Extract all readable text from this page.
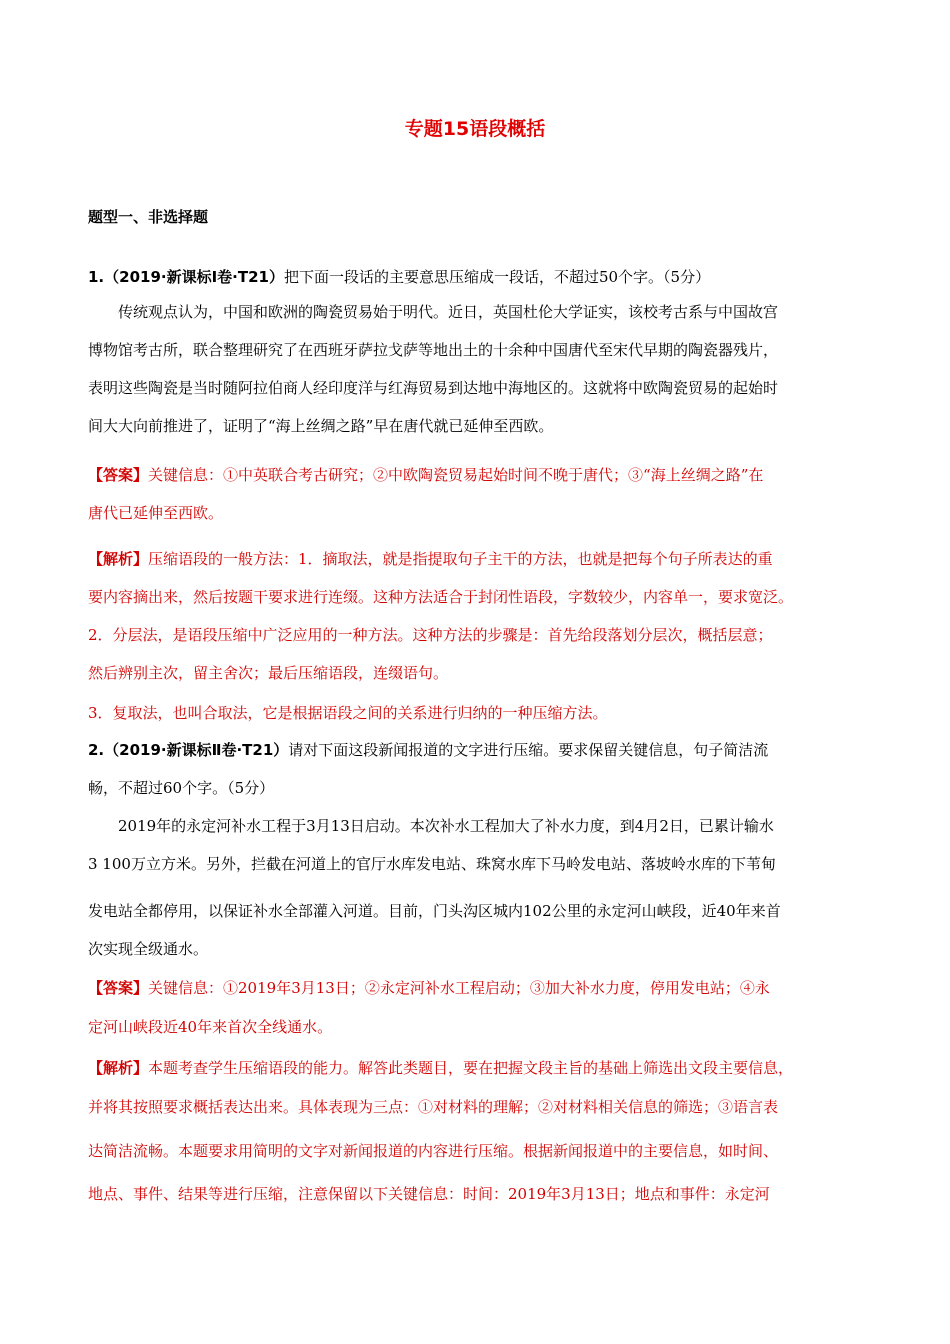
专题15语段概括
题型一、非选择题
1.（2019·新课标Ⅰ卷·T21）把下面一段话的主要意思压缩成一段话，不超过50个字。（5分）
传统观点认为，中国和欧洲的陶瓷贸易始于明代。近日，英国杜伦大学证实，该校考古系与中国故宫
博物馆考古所，联合整理研究了在西班牙萨拉戈萨等地出土的十余种中国唐代至宋代早期的陶瓷器残片，
表明这些陶瓷是当时随阿拉伯商人经印度洋与红海贸易到达地中海地区的。这就将中欧陶瓷贸易的起始时
间大大向前推进了，证明了“海上丝绸之路”早在唐代就已延伸至西欧。
【答案】关键信息：①中英联合考古研究；②中欧陶瓷贸易起始时间不晚于唐代；③“海上丝绸之路”在
唐代已延伸至西欧。
【解析】压缩语段的一般方法：1．摘取法，就是指提取句子主干的方法，也就是把每个句子所表达的重
要内容摘出来，然后按题干要求进行连缀。这种方法适合于封闭性语段，字数较少，内容单一，要求宽泛。
2．分层法，是语段压缩中广泛应用的一种方法。这种方法的步骤是：首先给段落划分层次，概括层意；
然后辨别主次，留主舍次；最后压缩语段，连缀语句。
3．复取法，也叫合取法，它是根据语段之间的关系进行归纳的一种压缩方法。
2.（2019·新课标Ⅱ卷·T21）请对下面这段新闻报道的文字进行压缩。要求保留关键信息，句子简洁流
畅，不超过60个字。（5分）
2019年的永定河补水工程于3月13日启动。本次补水工程加大了补水力度，到4月2日，已累计输水
3 100万立方米。另外，拦截在河道上的官厅水库发电站、珠窝水库下马岭发电站、落坡岭水库的下苇甸
发电站全都停用，以保证补水全部灌入河道。目前，门头沟区城内102公里的永定河山峡段，近40年来首
次实现全级通水。
【答案】关键信息：①2019年3月13日；②永定河补水工程启动；③加大补水力度，停用发电站；④永
定河山峡段近40年来首次全线通水。
【解析】本题考查学生压缩语段的能力。解答此类题目，要在把握文段主旨的基础上筛选出文段主要信息，
并将其按照要求概括表达出来。具体表现为三点：①对材料的理解；②对材料相关信息的筛选；③语言表
达简洁流畅。本题要求用简明的文字对新闻报道的内容进行压缩。根据新闻报道中的主要信息，如时间、
地点、事件、结果等进行压缩，注意保留以下关键信息：时间：2019年3月13日；地点和事件：永定河
